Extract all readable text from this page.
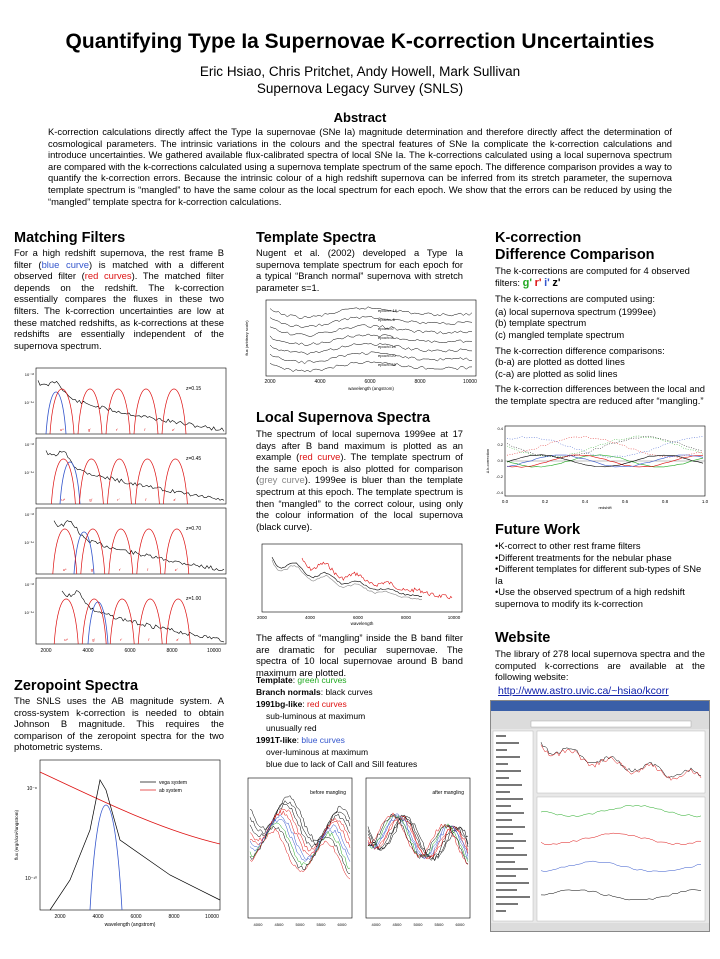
Quantifying Type Ia Supernovae K-correction Uncertainties
Eric Hsiao, Chris Pritchet, Andy Howell, Mark Sullivan
Supernova Legacy Survey (SNLS)
Abstract
K-correction calculations directly affect the Type Ia supernovae (SNe Ia) magnitude determination and therefore directly affect the determination of cosmological parameters. The intrinsic variations in the colours and the spectral features of SNe Ia complicate the k-correction calculations and introduce uncertainties. We gathered available flux-calibrated spectra of local SNe Ia. The k-corrections calculated using a local supernova spectrum are compared with the k-corrections calculated using a supernova template spectrum of the same epoch. The difference comparison provides a way to quantify the k-correction errors. Because the intrinsic colour of a high redshift supernova can be inferred from its stretch parameter, the supernova template spectrum is “mangled” to have the same colour as the local spectrum for each epoch. We show that the errors can be reduced by using the “mangled” template spectra for k-correction calculations.
Matching Filters
For a high redshift supernova, the rest frame B filter (blue curve) is matched with a different observed filter (red curves). The matched filter depends on the redshift. The k-correction essentially compares the fluxes in these two filters. The k-correction uncertainties are low at these matched redshifts, as k-corrections at these redshifts are essentially independent of the supernova spectrum.
u*	g'	r'	i'	z'
z=0.15
10⁻¹³
10⁻¹⁴
u*	g'	r'	i'	z'
z=0.45
10⁻¹³
10⁻¹⁴
u*	g'	r'	i'	z'
z=0.70
10⁻¹³
10⁻¹⁴
u*	g'	r'	i'	z'
z=1.00
10⁻¹³
10⁻¹⁴
2000	4000	6000	8000	10000
Zeropoint Spectra
The SNLS uses the AB magnitude system. A cross-system k-correction is needed to obtain Johnson B magnitude. This requires the comparison of the zeropoint spectra for the two photometric systems.
vega system
ab system
2000	4000	6000	8000	10000
wavelength (angstrom)
10⁻⁸
10⁻¹⁰
flux (erg/s/cm²/angstrom)
Template Spectra
Nugent et al. (2002) developed a Type Ia supernova template spectrum for each epoch for a typical “Branch normal” supernova with stretch parameter s=1.
epoch=-16
epoch=-6
epoch=0
epoch=8
epoch=14
epoch=20
epoch=28
2000	4000	6000	8000	10000
wavelength (angstrom)
flux (arbitrary scale)
Local Supernova Spectra
The spectrum of local supernova 1999ee at 17 days after B band maximum is plotted as an example (red curve). The template spectrum of the same epoch is also plotted for comparison (grey curve). 1999ee is bluer than the template spectrum at this epoch. The template spectrum is then “mangled” to the correct colour, using only the colour information of the local supernova (black curve).
2000	4000	6000	8000	10000
wavelength
The affects of “mangling” inside the B band filter are dramatic for peculiar supernovae. The spectra of 10 local supernovae around B band maximum are plotted.
Template: green curves
Branch normals: black curves
1991bg-like: red curves
sub-luminous at maximum
unusually red
1991T-like: blue curves
over-luminous at maximum
blue due to lack of CaII and SiII features
before mangling
4000	4500	5000	5500	6000
after mangling
4000	4500	5000	5500	6000
K-correction
Difference Comparison

The k-corrections are computed for 4 observed filters: g' r' i' z'

The k-corrections are computed using:
(a) local supernova spectrum (1999ee)
(b) template spectrum
(c) mangled template spectrum
The k-correction difference comparisons:
(b-a) are plotted as dotted lines
(c-a) are plotted as solid lines
The k-correction differences between the local and the template spectra are reduced after “mangling.”
0.0	0.2	0.4	0.6	0.8	1.0
redshift
0.4
0.2
0.0
-0.2
-0.4
Δ k-correction
Future Work
•K-correct to other rest frame filters
•Different treatments for the nebular phase
•Different templates for different sub-types of SNe Ia
•Use the observed spectrum of a high redshift supernova to modify its k-correction
Website
The library of 278 local supernova spectra and the computed k-corrections are available at the following website:
http://www.astro.uvic.ca/~hsiao/kcorr
